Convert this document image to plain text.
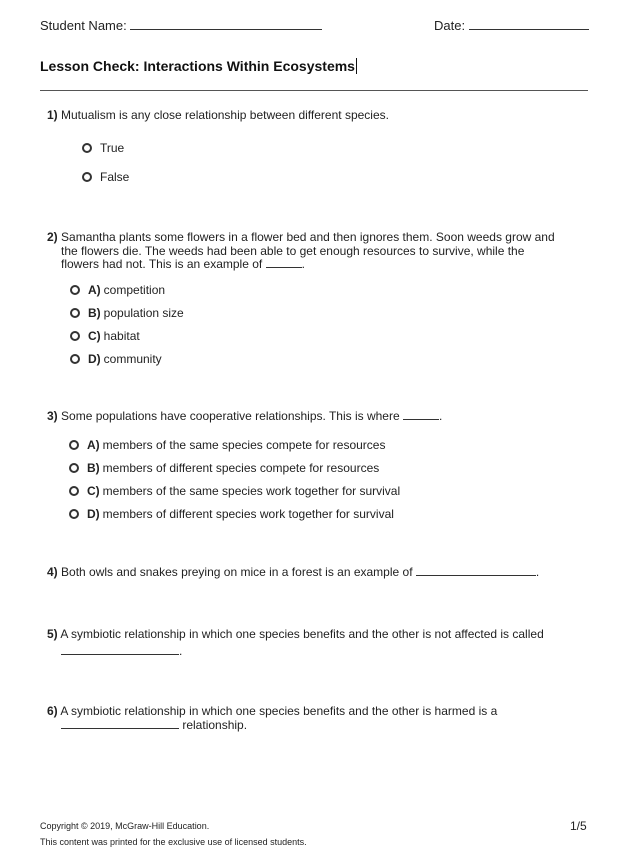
Student Name:	Date:
Lesson Check: Interactions Within Ecosystems
1) Mutualism is any close relationship between different species.
True
False
2) Samantha plants some flowers in a flower bed and then ignores them. Soon weeds grow and
the flowers die. The weeds had been able to get enough resources to survive, while the
flowers had not. This is an example of	.
A) competition
B) population size
C) habitat
D) community
3) Some populations have cooperative relationships. This is where	.
A) members of the same species compete for resources
B) members of different species compete for resources
C) members of the same species work together for survival
D) members of different species work together for survival
4) Both owls and snakes preying on mice in a forest is an example of	.
5) A symbiotic relationship in which one species benefits and the other is not affected is called
.
6) A symbiotic relationship in which one species benefits and the other is harmed is a
relationship.
Copyright © 2019, McGraw-Hill Education.
This content was printed for the exclusive use of licensed students.
1/5
